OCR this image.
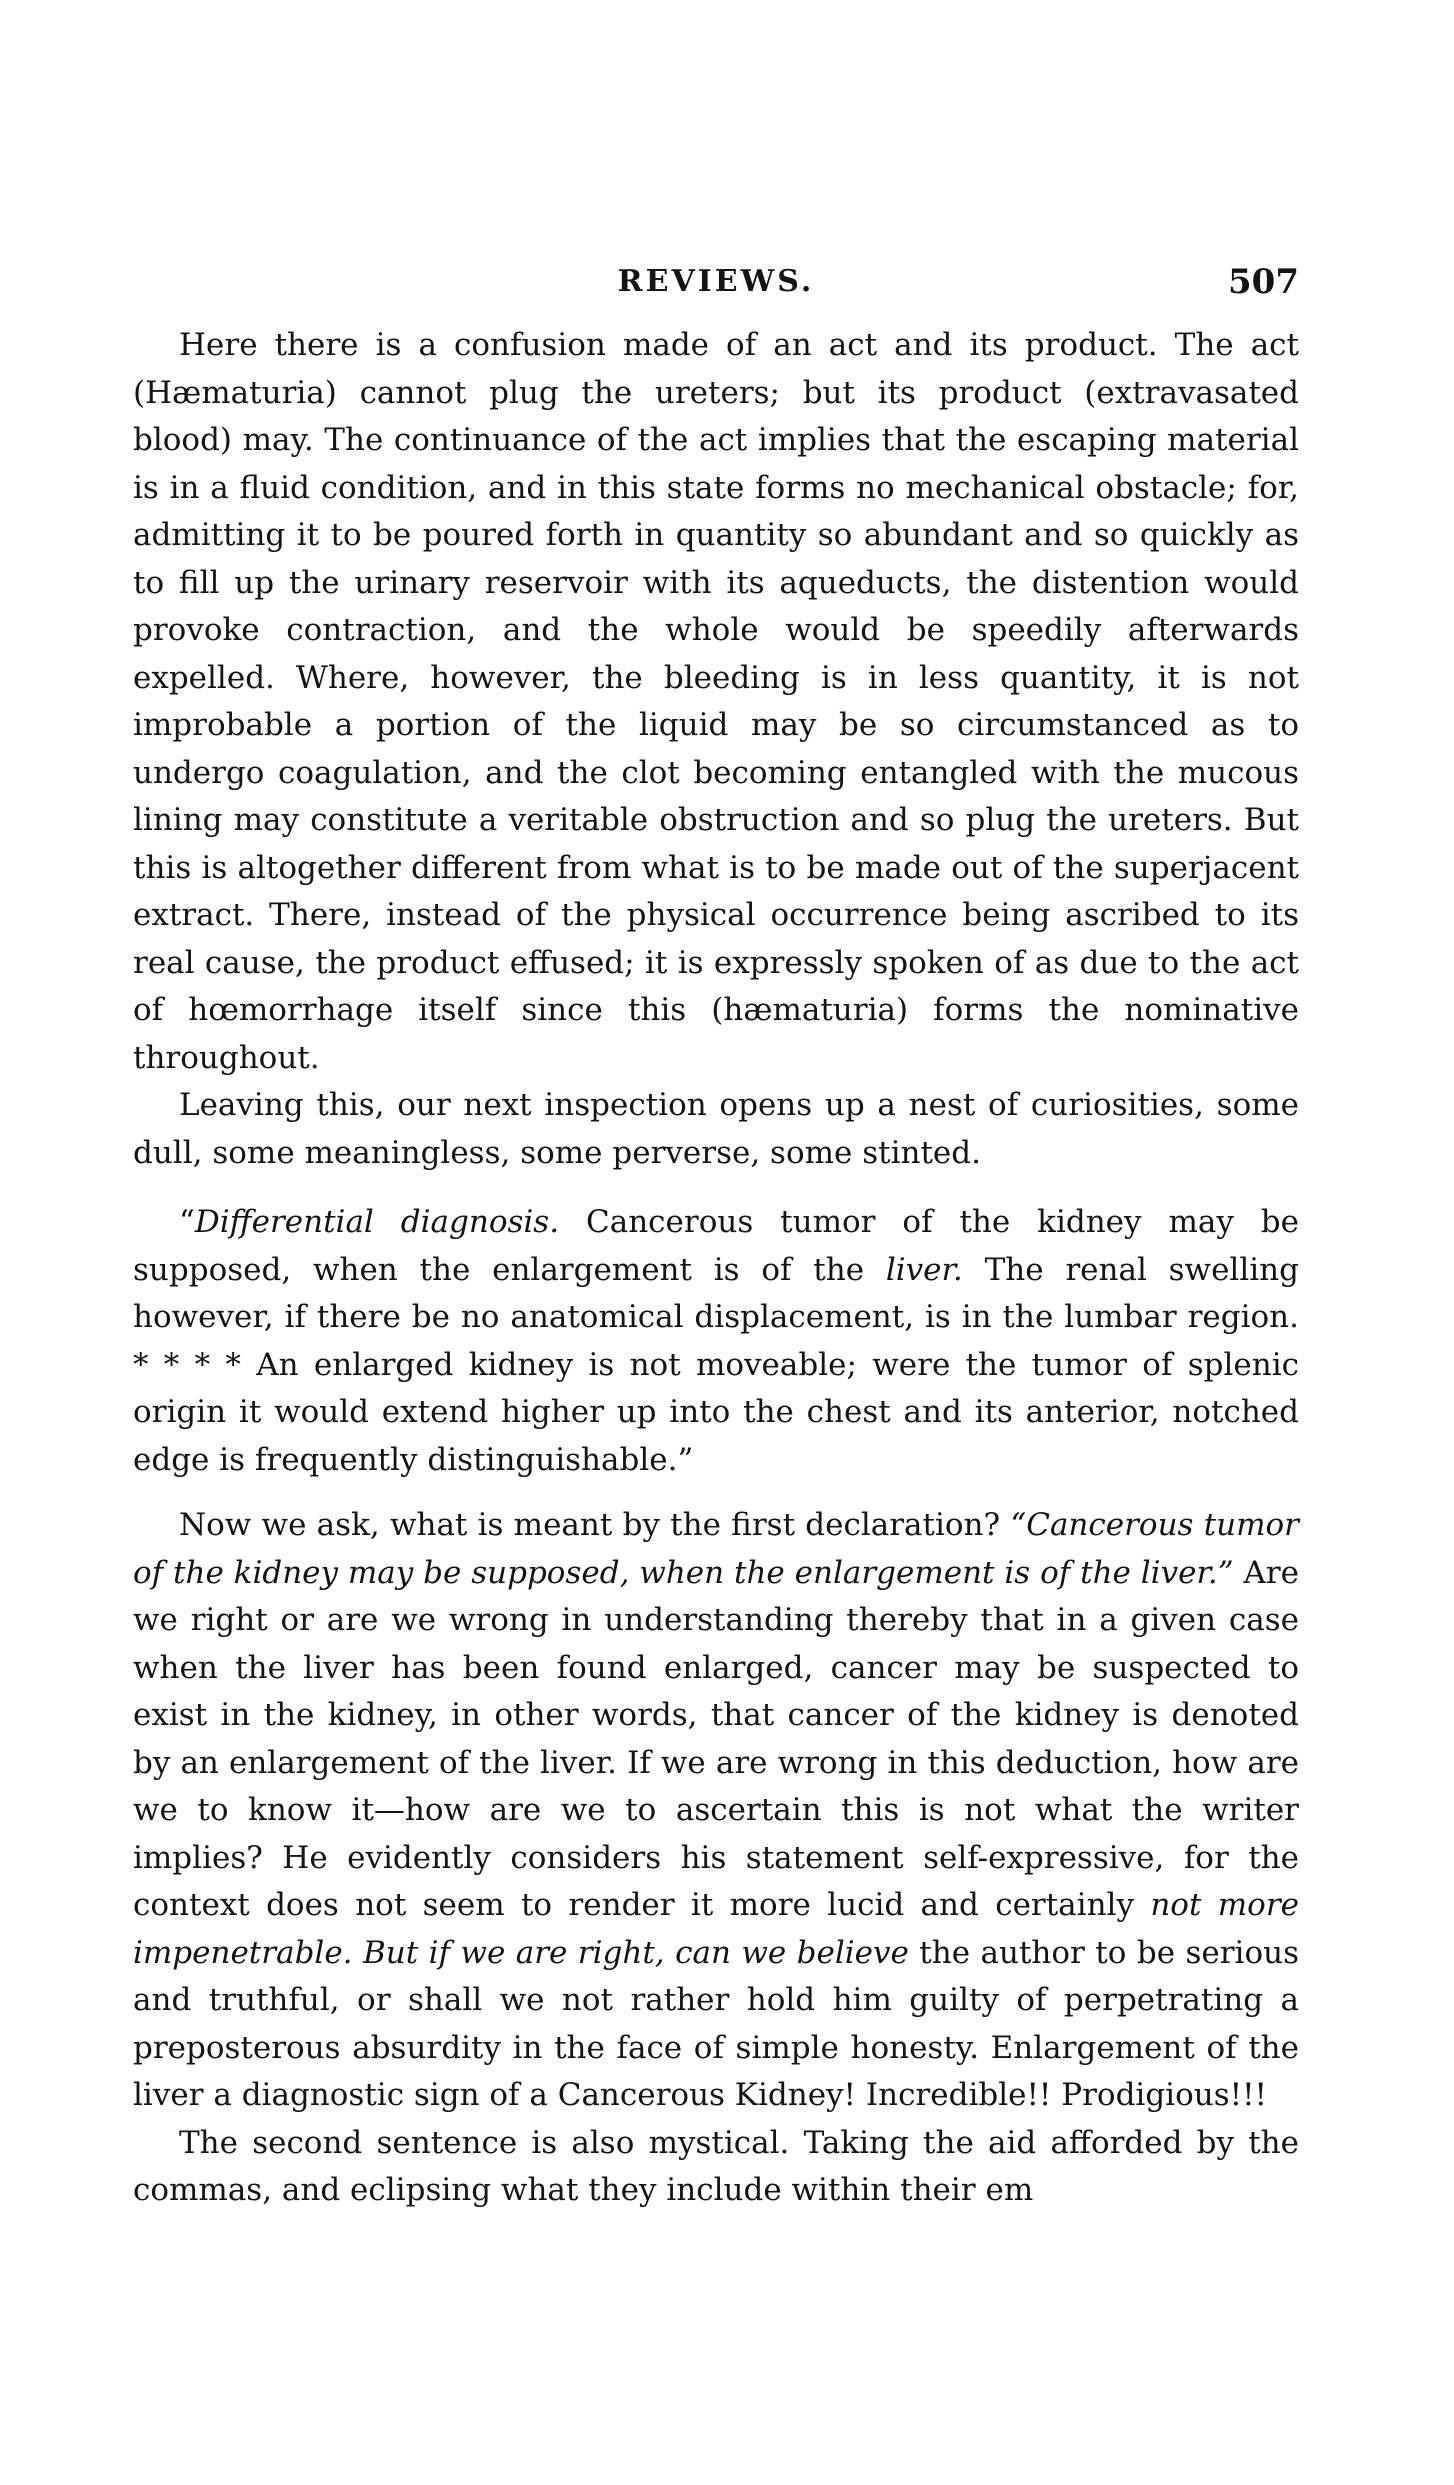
REVIEWS.	507

Here there is a confusion made of an act and its product. The act (Hæmaturia) cannot plug the ureters; but its product (extravasated blood) may. The continuance of the act implies that the escaping material is in a fluid condition, and in this state forms no mechanical obstacle; for, admitting it to be poured forth in quantity so abundant and so quickly as to fill up the urinary reservoir with its aqueducts, the distention would provoke contraction, and the whole would be speedily afterwards expelled. Where, however, the bleeding is in less quantity, it is not improbable a portion of the liquid may be so circumstanced as to undergo coagulation, and the clot becoming entangled with the mucous lining may constitute a veritable obstruction and so plug the ureters. But this is altogether different from what is to be made out of the superjacent extract. There, instead of the physical occurrence being ascribed to its real cause, the product effused; it is expressly spoken of as due to the act of hœmorrhage itself since this (hæmaturia) forms the nominative throughout.

Leaving this, our next inspection opens up a nest of curiosities, some dull, some meaningless, some perverse, some stinted.

“Differential diagnosis. Cancerous tumor of the kidney may be supposed, when the enlargement is of the liver. The renal swelling however, if there be no anatomical displacement, is in the lumbar region. * * * * An enlarged kidney is not moveable; were the tumor of splenic origin it would extend higher up into the chest and its anterior, notched edge is frequently distinguishable.”

Now we ask, what is meant by the first declaration? “Cancerous tumor of the kidney may be supposed, when the enlargement is of the liver.” Are we right or are we wrong in understanding thereby that in a given case when the liver has been found enlarged, cancer may be suspected to exist in the kidney, in other words, that cancer of the kidney is denoted by an enlargement of the liver. If we are wrong in this deduction, how are we to know it—how are we to ascertain this is not what the writer implies? He evidently considers his statement self-expressive, for the context does not seem to render it more lucid and certainly not more impenetrable. But if we are right, can we believe the author to be serious and truthful, or shall we not rather hold him guilty of perpetrating a preposterous absurdity in the face of simple honesty. Enlargement of the liver a diagnostic sign of a Cancerous Kidney! Incredible!! Prodigious!!!

The second sentence is also mystical. Taking the aid afforded by the commas, and eclipsing what they include within their em
